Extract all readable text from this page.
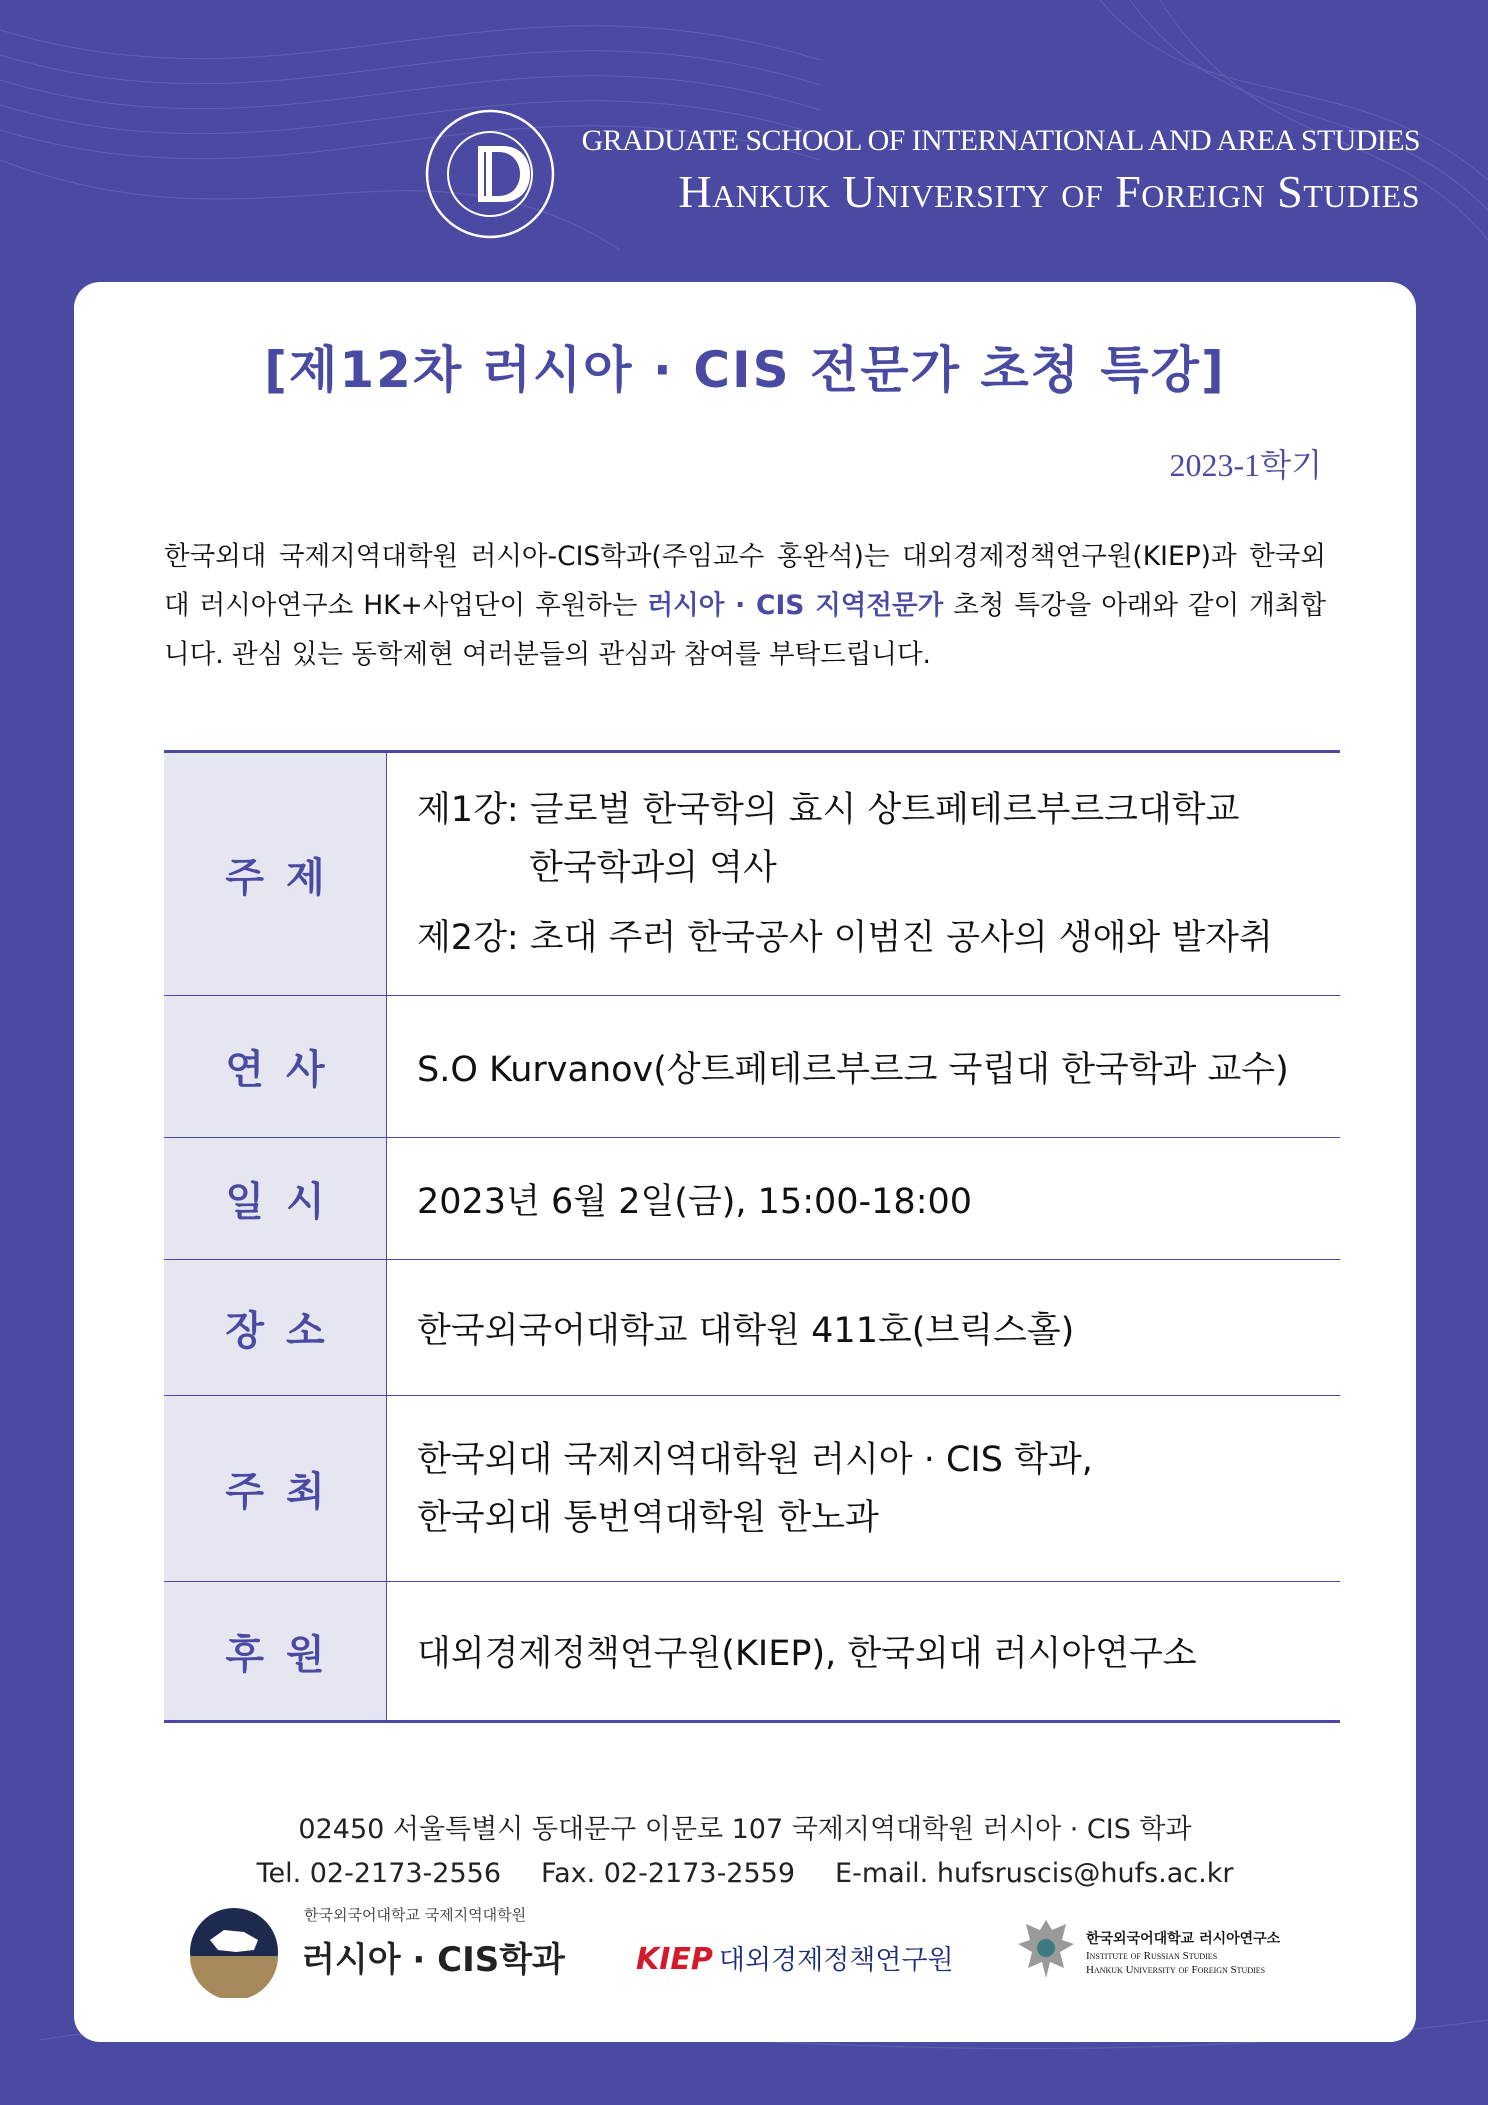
GRADUATE SCHOOL OF INTERNATIONAL AND AREA STUDIES
Hankuk University of Foreign Studies
[제12차 러시아 · CIS 전문가 초청 특강]
2023-1학기
한국외대 국제지역대학원 러시아-CIS학과(주임교수 홍완석)는 대외경제정책연구원(KIEP)과 한국외대 러시아연구소 HK+사업단이 후원하는 러시아 · CIS 지역전문가 초청 특강을 아래와 같이 개최합니다. 관심 있는 동학제현 여러분들의 관심과 참여를 부탁드립니다.
주제	제1강: 글로벌 한국학의 효시 상트페테르부르크대학교
한국학과의 역사
제2강: 초대 주러 한국공사 이범진 공사의 생애와 발자취

연사	S.O Kurvanov(상트페테르부르크 국립대 한국학과 교수)
일시	2023년 6월 2일(금), 15:00-18:00
장소	한국외국어대학교 대학원 411호(브릭스홀)
주최	한국외대 국제지역대학원 러시아 · CIS 학과,
한국외대 통번역대학원 한노과

후원	대외경제정책연구원(KIEP), 한국외대 러시아연구소
02450 서울특별시 동대문구 이문로 107 국제지역대학원 러시아 · CIS 학과
Tel. 02-2173-2556 Fax. 02-2173-2559 E-mail. hufsruscis@hufs.ac.kr
한국외국어대학교 국제지역대학원
러시아 · CIS학과 KIEP 대외경제정책연구원
한국외국어대학교 러시아연구소
Institute of Russian Studies
Hankuk University of Foreign Studies
